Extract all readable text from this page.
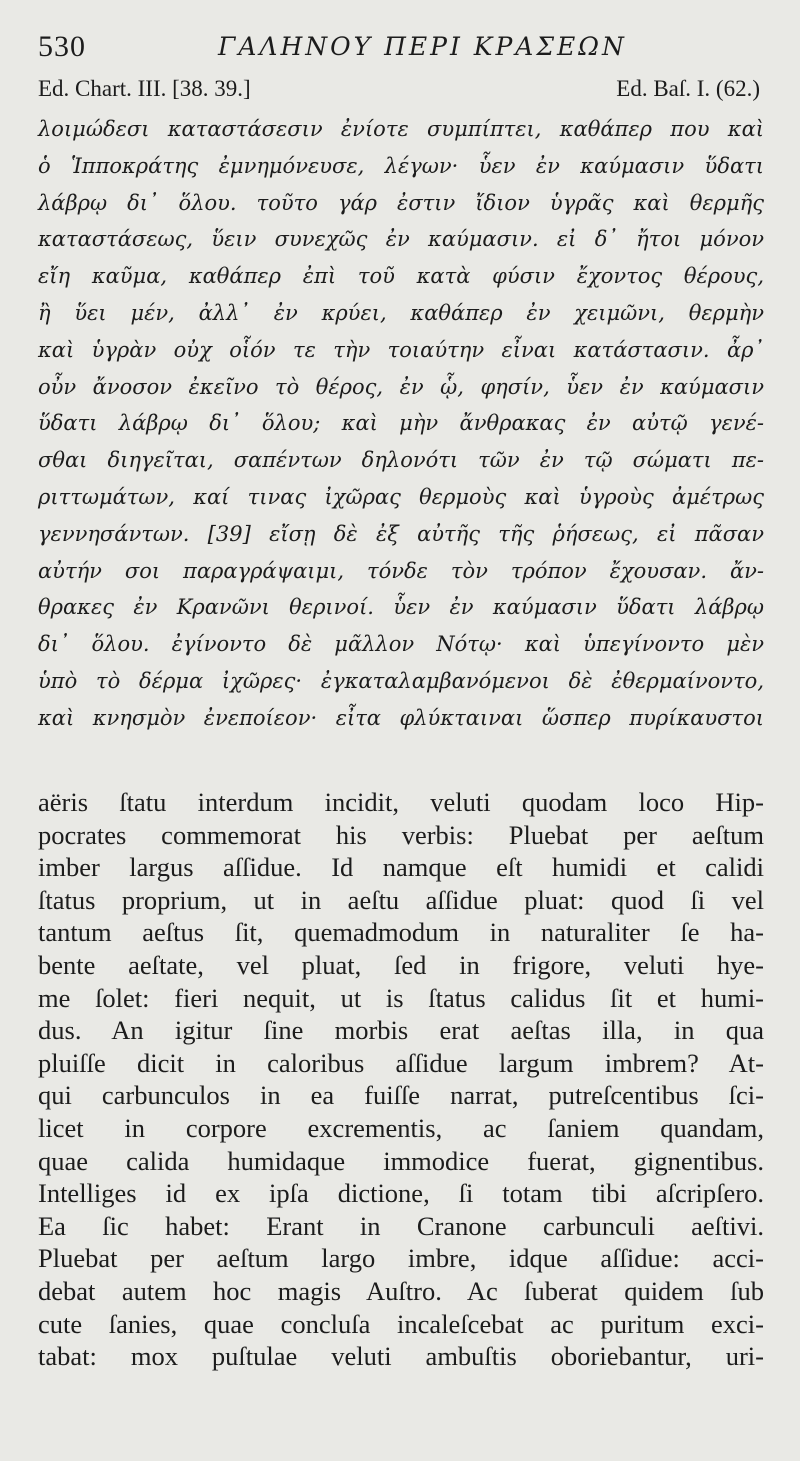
530	ΓΑΛΗΝΟΥ ΠΕΡΙ ΚΡΑΣΕΩΝ
Ed. Chart. III. [38. 39.]	Ed. Baſ. I. (62.)
λοιμώδεσι καταστάσεσιν ἐνίοτε συμπίπτει, καθάπερ που καὶ
ὁ Ἱπποκράτης ἐμνημόνευσε, λέγων· ὗεν ἐν καύμασιν ὕδατι
λάβρῳ δι᾽ ὅλου. τοῦτο γάρ ἐστιν ἴδιον ὑγρᾶς καὶ θερμῆς
καταστάσεως, ὕειν συνεχῶς ἐν καύμασιν. εἰ δ᾽ ἤτοι μόνον
εἴη καῦμα, καθάπερ ἐπὶ τοῦ κατὰ φύσιν ἔχοντος θέρους,
ἢ ὕει μέν, ἀλλ᾽ ἐν κρύει, καθάπερ ἐν χειμῶνι, θερμὴν
καὶ ὑγρὰν οὐχ οἷόν τε τὴν τοιαύτην εἶναι κατάστασιν. ἆρ᾽
οὖν ἄνοσον ἐκεῖνο τὸ θέρος, ἐν ᾧ, φησίν, ὗεν ἐν καύμασιν
ὕδατι λάβρῳ δι᾽ ὅλου; καὶ μὴν ἄνθρακας ἐν αὐτῷ γενέ-
σθαι διηγεῖται, σαπέντων δηλονότι τῶν ἐν τῷ σώματι πε-
ριττωμάτων, καί τινας ἰχῶρας θερμοὺς καὶ ὑγροὺς ἀμέτρως
γεννησάντων. [39] εἴσῃ δὲ ἐξ αὐτῆς τῆς ῥήσεως, εἰ πᾶσαν
αὐτήν σοι παραγράψαιμι, τόνδε τὸν τρόπον ἔχουσαν. ἄν-
θρακες ἐν Κρανῶνι θερινοί. ὗεν ἐν καύμασιν ὕδατι λάβρῳ
δι᾽ ὅλου. ἐγίνοντο δὲ μᾶλλον Νότῳ· καὶ ὑπεγίνοντο μὲν
ὑπὸ τὸ δέρμα ἰχῶρες· ἐγκαταλαμβανόμενοι δὲ ἐθερμαίνοντο,
καὶ κνησμὸν ἐνεποίεον· εἶτα φλύκταιναι ὥσπερ πυρίκαυστοι
aëris ſtatu interdum incidit, veluti quodam loco Hip-
pocrates commemorat his verbis: Pluebat per aeſtum
imber largus aſſidue. Id namque eſt humidi et calidi
ſtatus proprium, ut in aeſtu aſſidue pluat: quod ſi vel
tantum aeſtus ſit, quemadmodum in naturaliter ſe ha-
bente aeſtate, vel pluat, ſed in frigore, veluti hye-
me ſolet: fieri nequit, ut is ſtatus calidus ſit et humi-
dus. An igitur ſine morbis erat aeſtas illa, in qua
pluiſſe dicit in caloribus aſſidue largum imbrem? At-
qui carbunculos in ea fuiſſe narrat, putreſcentibus ſci-
licet in corpore excrementis, ac ſaniem quandam,
quae calida humidaque immodice fuerat, gignentibus.
Intelliges id ex ipſa dictione, ſi totam tibi aſcripſero.
Ea ſic habet: Erant in Cranone carbunculi aeſtivi.
Pluebat per aeſtum largo imbre, idque aſſidue: acci-
debat autem hoc magis Auſtro. Ac ſuberat quidem ſub
cute ſanies, quae concluſa incaleſcebat ac puritum exci-
tabat: mox puſtulae veluti ambuſtis oboriebantur, uri-
